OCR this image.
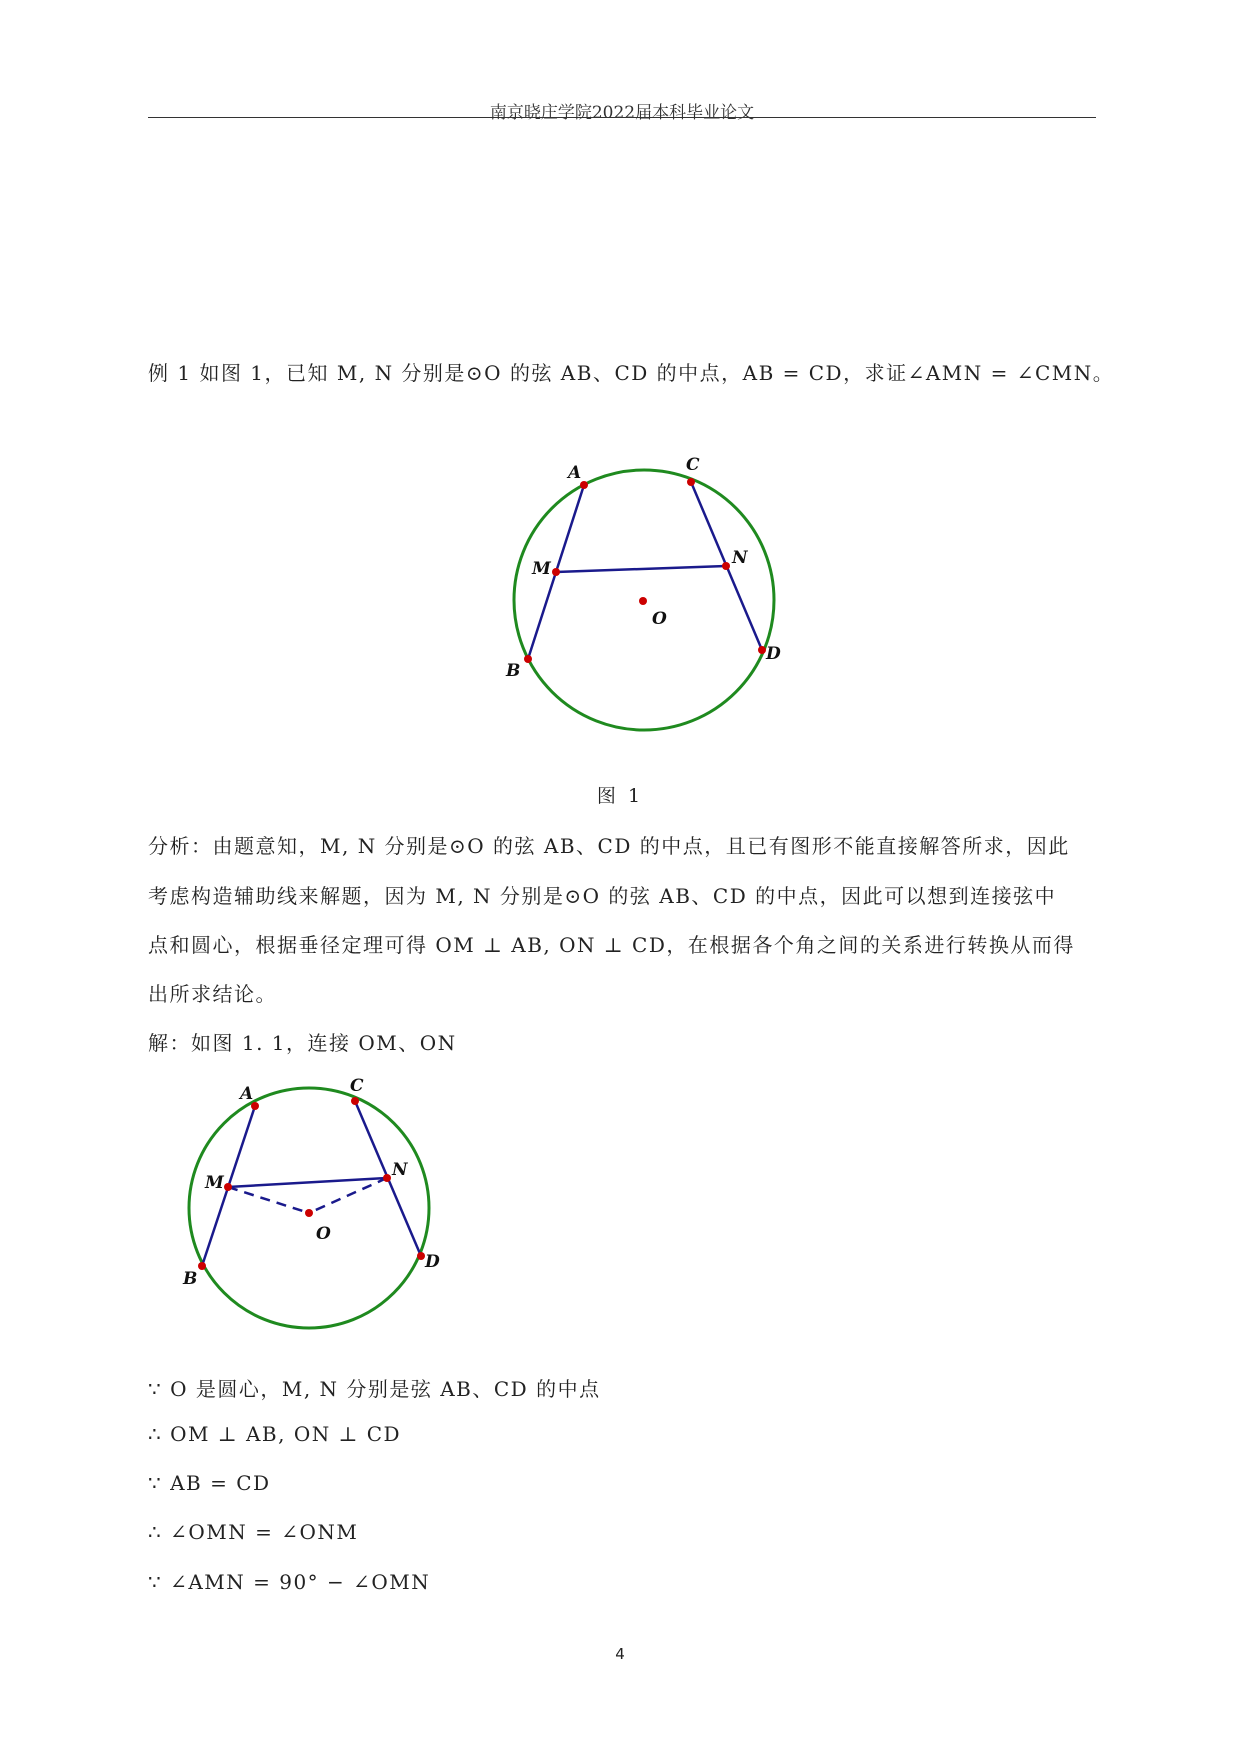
南京晓庄学院2022届本科毕业论文
例 1 如图 1，已知 M, N 分别是⊙O 的弦 AB、CD 的中点，AB = CD，求证∠AMN = ∠CMN。
A
B
C
D
M
N
O
图 1
分析：由题意知，M, N 分别是⊙O 的弦 AB、CD 的中点，且已有图形不能直接解答所求，因此
考虑构造辅助线来解题，因为 M, N 分别是⊙O 的弦 AB、CD 的中点，因此可以想到连接弦中
点和圆心，根据垂径定理可得 OM ⊥ AB, ON ⊥ CD，在根据各个角之间的关系进行转换从而得
出所求结论。
解：如图 1. 1，连接 OM、ON
A
B
C
D
M
N
O
∵ O 是圆心，M, N 分别是弦 AB、CD 的中点
∴ OM ⊥ AB, ON ⊥ CD
∵ AB = CD
∴ ∠OMN = ∠ONM
∵ ∠AMN = 90° − ∠OMN
4
